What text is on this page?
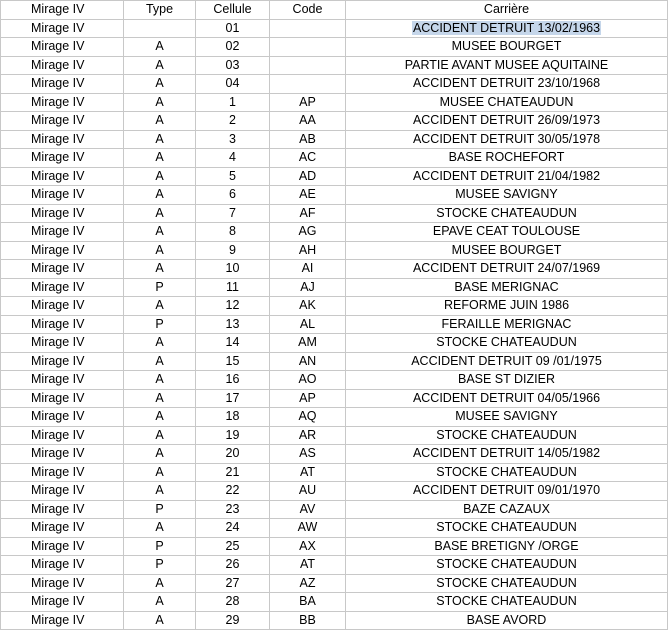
Mirage IV	Type	Cellule	Code	Carrière
Mirage IV		01		ACCIDENT DETRUIT 13/02/1963
Mirage IV	A	02		MUSEE BOURGET
Mirage IV	A	03		PARTIE AVANT MUSEE AQUITAINE
Mirage IV	A	04		ACCIDENT DETRUIT 23/10/1968
Mirage IV	A	1	AP	MUSEE CHATEAUDUN
Mirage IV	A	2	AA	ACCIDENT DETRUIT 26/09/1973
Mirage IV	A	3	AB	ACCIDENT DETRUIT 30/05/1978
Mirage IV	A	4	AC	BASE ROCHEFORT
Mirage IV	A	5	AD	ACCIDENT DETRUIT 21/04/1982
Mirage IV	A	6	AE	MUSEE SAVIGNY
Mirage IV	A	7	AF	STOCKE CHATEAUDUN
Mirage IV	A	8	AG	EPAVE CEAT TOULOUSE
Mirage IV	A	9	AH	MUSEE BOURGET
Mirage IV	A	10	AI	ACCIDENT DETRUIT 24/07/1969
Mirage IV	P	11	AJ	BASE MERIGNAC
Mirage IV	A	12	AK	REFORME JUIN 1986
Mirage IV	P	13	AL	FERAILLE MERIGNAC
Mirage IV	A	14	AM	STOCKE CHATEAUDUN
Mirage IV	A	15	AN	ACCIDENT DETRUIT 09 /01/1975
Mirage IV	A	16	AO	BASE ST DIZIER
Mirage IV	A	17	AP	ACCIDENT DETRUIT 04/05/1966
Mirage IV	A	18	AQ	MUSEE SAVIGNY
Mirage IV	A	19	AR	STOCKE CHATEAUDUN
Mirage IV	A	20	AS	ACCIDENT DETRUIT 14/05/1982
Mirage IV	A	21	AT	STOCKE CHATEAUDUN
Mirage IV	A	22	AU	ACCIDENT DETRUIT 09/01/1970
Mirage IV	P	23	AV	BAZE CAZAUX
Mirage IV	A	24	AW	STOCKE CHATEAUDUN
Mirage IV	P	25	AX	BASE BRETIGNY /ORGE
Mirage IV	P	26	AT	STOCKE CHATEAUDUN
Mirage IV	A	27	AZ	STOCKE CHATEAUDUN
Mirage IV	A	28	BA	STOCKE CHATEAUDUN
Mirage IV	A	29	BB	BASE AVORD
